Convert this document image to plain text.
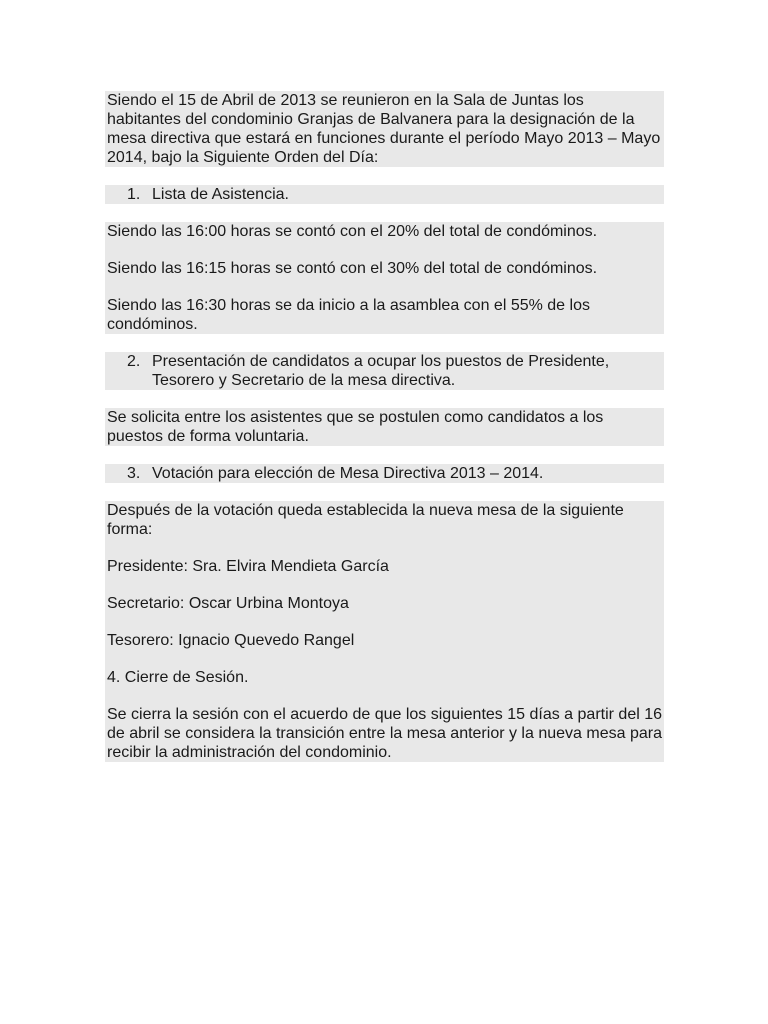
Siendo el 15 de Abril de 2013 se reunieron en la Sala de Juntas los habitantes del condominio Granjas de Balvanera para la designación de la mesa directiva que estará en funciones durante el período Mayo 2013 – Mayo 2014, bajo la Siguiente Orden del Día:

1. Lista de Asistencia.

Siendo las 16:00 horas se contó con el 20% del total de condóminos.

Siendo las 16:15 horas se contó con el 30% del total de condóminos.

Siendo las 16:30 horas se da inicio a la asamblea con el 55% de los condóminos.

2. Presentación de candidatos a ocupar los puestos de Presidente, Tesorero y Secretario de la mesa directiva.

Se solicita entre los asistentes que se postulen como candidatos a los puestos de forma voluntaria.

3. Votación para elección de Mesa Directiva 2013 – 2014.

Después de la votación queda establecida la nueva mesa de la siguiente forma:

Presidente: Sra. Elvira Mendieta García

Secretario: Oscar Urbina Montoya

Tesorero: Ignacio Quevedo Rangel

4. Cierre de Sesión.

Se cierra la sesión con el acuerdo de que los siguientes 15 días a partir del 16 de abril se considera la transición entre la mesa anterior y la nueva mesa para recibir la administración del condominio.
